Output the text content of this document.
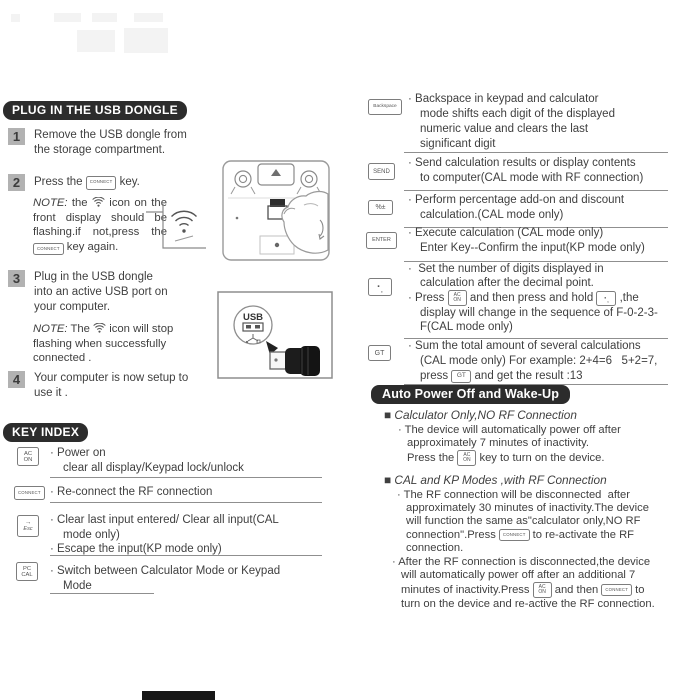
PLUG IN THE USB DONGLE
1	Remove the USB dongle from
the storage compartment.
2	Press the CONNECT key.
NOTE: the  icon on the front display should be flashing.if not,press the CONNECT key again.
3	Plug in the USB dongle
into an active USB port on
your computer.
NOTE: The  icon will stop flashing when successfully connected .
USB
4	Your computer is now setup to
use it .
KEY INDEX
AC
ON
· Power on
clear all display/Keypad lock/unlock
CONNECT · Re-connect the RF connection
→
Esc
· Clear last input entered/ Clear all input(CAL
mode only)
· Escape the input(KP mode only)
PC
CAL · Switch between Calculator Mode or Keypad
Mode
Backspace
· Backspace in keypad and calculator
mode shifts each digit of the displayed
numeric value and clears the last
significant digit
SEND
· Send calculation results or display contents
to computer(CAL mode with RF connection)
%±
· Perform percentage add-on and discount
calculation.(CAL mode only)
ENTER
· Execute calculation (CAL mode only)
Enter Key--Confirm the input(KP mode only)
· ,
·  Set the number of digits displayed in
calculation after the decimal point.
· Press AC
ON and then press and hold · , ,the
display will change in the sequence of F-0-2-3-
F(CAL mode only)
GT
· Sum the total amount of several calculations
(CAL mode only) For example: 2+4=6   5+2=7,
press GT and get the result :13
Auto Power Off and Wake-Up
■ Calculator Only,NO RF Connection
· The device will automatically power off after
approximately 7 minutes of inactivity.
Press the AC
ON key to turn on the device.
■ CAL and KP Modes ,with RF Connection
· The RF connection will be disconnected  after
approximately 30 minutes of inactivity.The device
will function the same as"calculator only,NO RF
connection".Press CONNECT to re-activate the RF
connection.
· After the RF connection is disconnected,the device
will automatically power off after an additional 7
minutes of inactivity.Press AC
ON and then CONNECT to
turn on the device and re-active the RF connection.
